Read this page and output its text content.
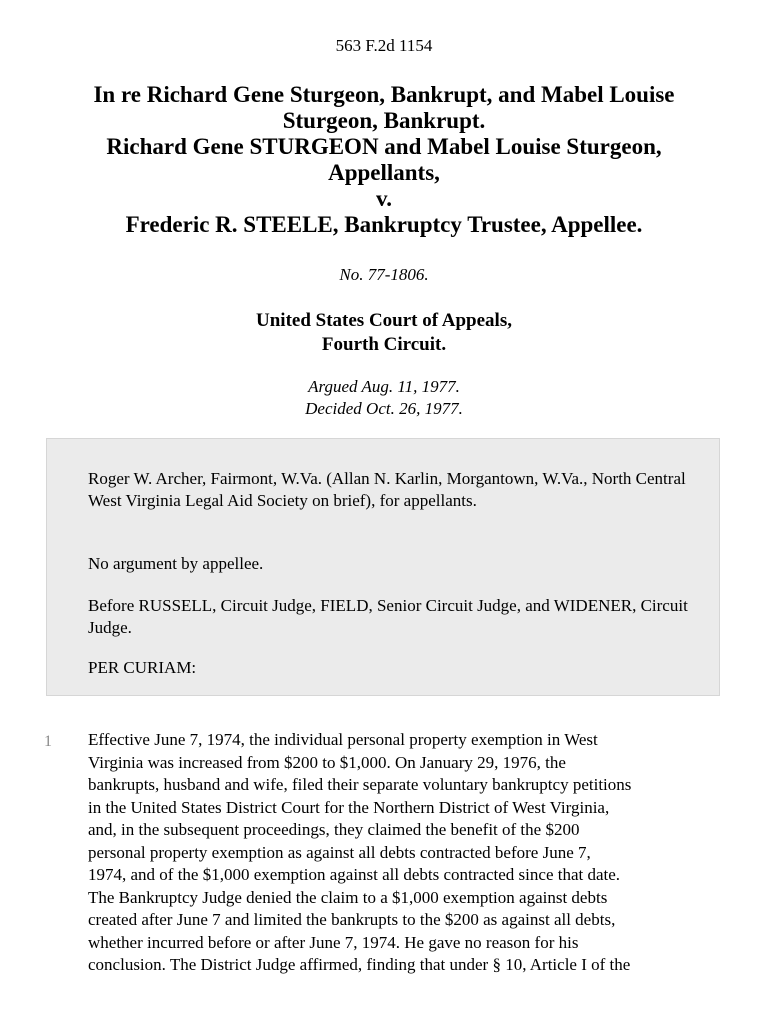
563 F.2d 1154
In re Richard Gene Sturgeon, Bankrupt, and Mabel Louise
Sturgeon, Bankrupt.
Richard Gene STURGEON and Mabel Louise Sturgeon,
Appellants,
v.
Frederic R. STEELE, Bankruptcy Trustee, Appellee.
No. 77-1806.
United States Court of Appeals,
Fourth Circuit.
Argued Aug. 11, 1977.
Decided Oct. 26, 1977.

Roger W. Archer, Fairmont, W.Va. (Allan N. Karlin, Morgantown, W.Va., North Central West Virginia Legal Aid Society on brief), for appellants.

No argument by appellee.

Before RUSSELL, Circuit Judge, FIELD, Senior Circuit Judge, and WIDENER, Circuit Judge.

PER CURIAM:

1 Effective June 7, 1974, the individual personal property exemption in West
Virginia was increased from $200 to $1,000. On January 29, 1976, the
bankrupts, husband and wife, filed their separate voluntary bankruptcy petitions
in the United States District Court for the Northern District of West Virginia,
and, in the subsequent proceedings, they claimed the benefit of the $200
personal property exemption as against all debts contracted before June 7,
1974, and of the $1,000 exemption against all debts contracted since that date.
The Bankruptcy Judge denied the claim to a $1,000 exemption against debts
created after June 7 and limited the bankrupts to the $200 as against all debts,
whether incurred before or after June 7, 1974. He gave no reason for his
conclusion. The District Judge affirmed, finding that under § 10, Article I of the
